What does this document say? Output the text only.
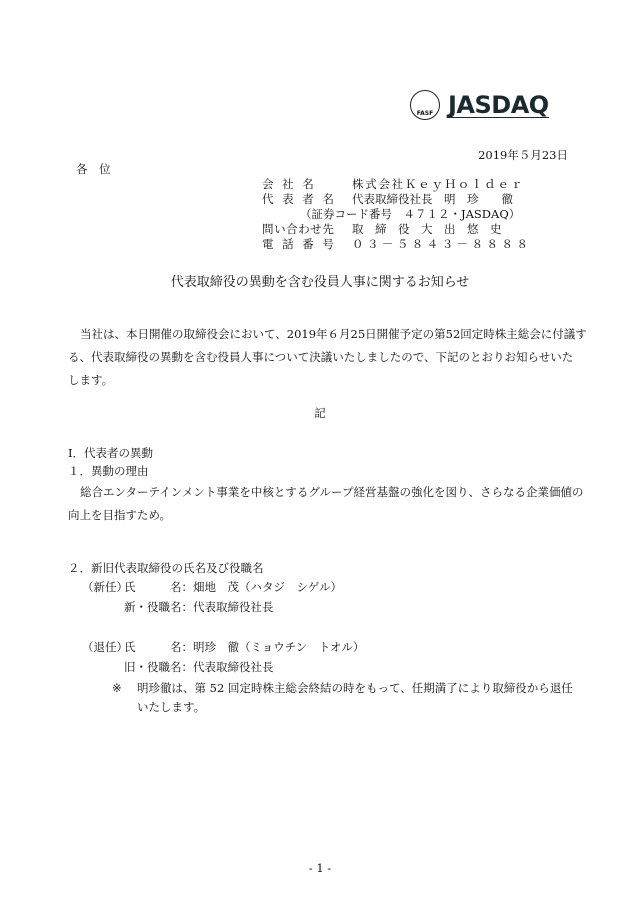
FASF JASDAQ
2019年５月23日
各　位
会社名	株式会社ＫｅｙＨｏｌｄｅｒ
代表者名 代表取締役社長　明　珍　　徹
（証券コード番号　４７１２・JASDAQ）
問い合わせ先	取　締　役　大　出　悠　史
電話番号 ０３－５８４３－８８８８
代表取締役の異動を含む役員人事に関するお知らせ
当社は、本日開催の取締役会において、2019年６月25日開催予定の第52回定時株主総会に付議す
る、代表取締役の異動を含む役員人事について決議いたしましたので、下記のとおりお知らせいた
します。
記
Ⅰ．代表者の異動
１．異動の理由
総合エンターテインメント事業を中核とするグループ経営基盤の強化を図り、さらなる企業価値の
向上を目指すため。
２．新旧代表取締役の氏名及び役職名
（新任）
氏　　　名：畑地　茂（ハタジ　シゲル）
新・役職名：代表取締役社長
（退任）
氏　　　名：明珍　徹（ミョウチン　トオル）
旧・役職名：代表取締役社長
※ 明珍徹は、第 52 回定時株主総会終結の時をもって、任期満了により取締役から退任
いたします。
- 1 -
